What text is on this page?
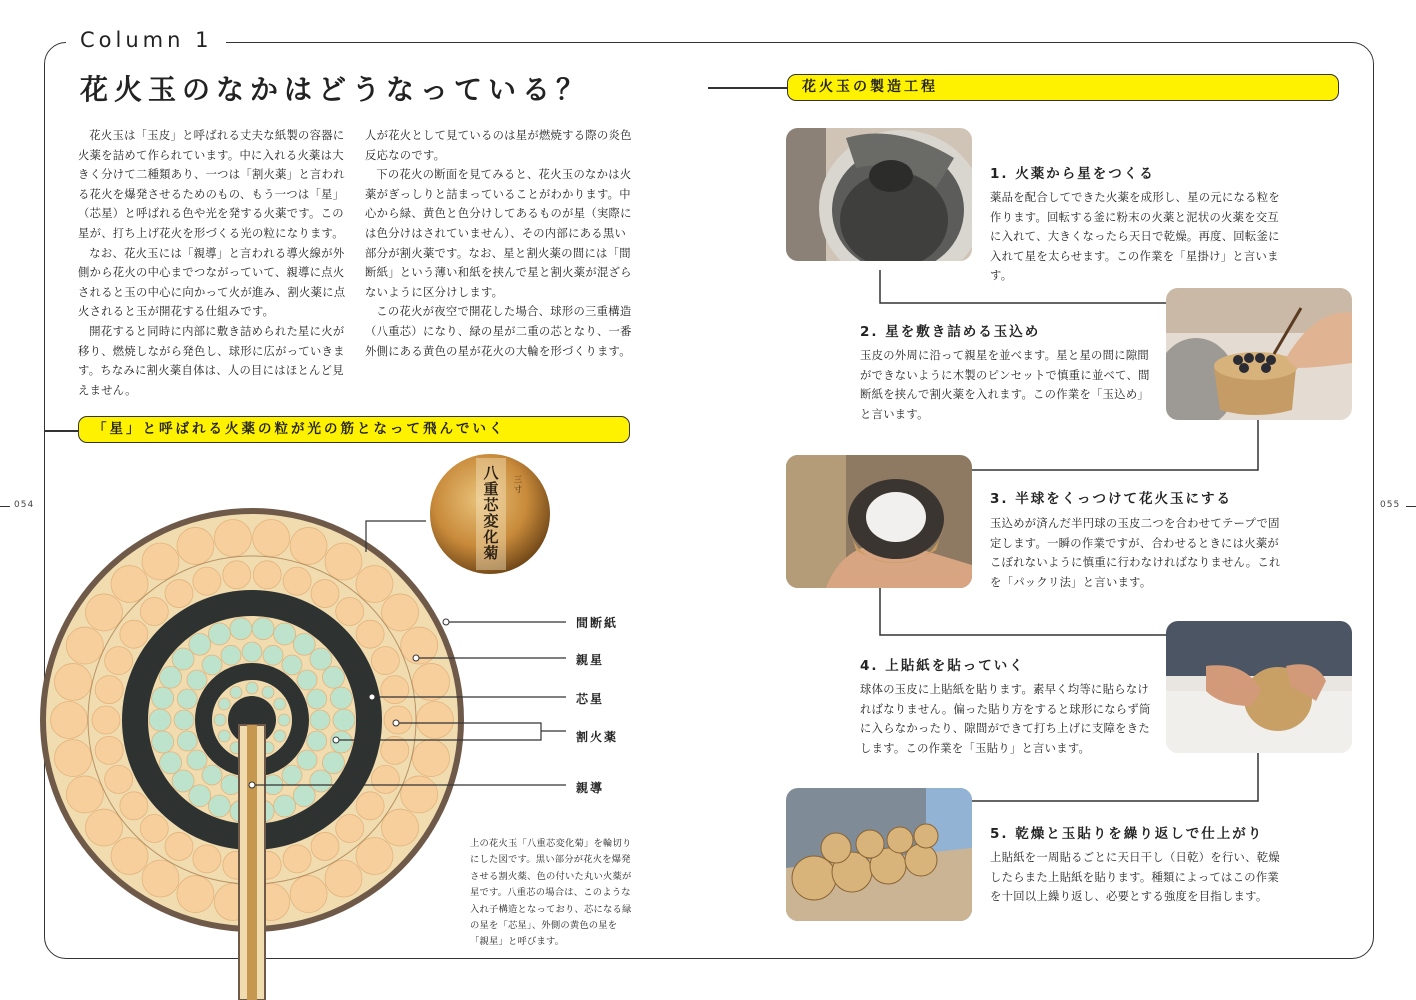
Column 1
054	055
花火玉のなかはどうなっている？

花火玉は「玉皮」と呼ばれる丈夫な紙製の容器に火薬を詰めて作られています。中に入れる火薬は大きく分けて二種類あり、一つは「割火薬」と言われる花火を爆発させるためのもの、もう一つは「星」（芯星）と呼ばれる色や光を発する火薬です。この星が、打ち上げ花火を形づくる光の粒になります。

なお、花火玉には「親導」と言われる導火線が外側から花火の中心までつながっていて、親導に点火されると玉の中心に向かって火が進み、割火薬に点火されると玉が開花する仕組みです。

開花すると同時に内部に敷き詰められた星に火が移り、燃焼しながら発色し、球形に広がっていきます。ちなみに割火薬自体は、人の目にはほとんど見えません。

人が花火として見ているのは星が燃焼する際の炎色反応なのです。

下の花火の断面を見てみると、花火玉のなかは火薬がぎっしりと詰まっていることがわかります。中心から緑、黄色と色分けしてあるものが星（実際には色分けはされていません）、その内部にある黒い部分が割火薬です。なお、星と割火薬の間には「間断紙」という薄い和紙を挟んで星と割火薬が混ざらないように区分けします。

この花火が夜空で開花した場合、球形の三重構造（八重芯）になり、緑の星が二重の芯となり、一番外側にある黄色の星が花火の大輪を形づくります。

「星」と呼ばれる火薬の粒が光の筋となって飛んでいく
八重芯変化菊
三寸
間断紙
親星
芯星
割火薬
親導
上の花火玉「八重芯変化菊」を輪切りにした図です。黒い部分が花火を爆発させる割火薬、色の付いた丸い火薬が星です。八重芯の場合は、このような入れ子構造となっており、芯になる緑の星を「芯星」、外側の黄色の星を「親星」と呼びます。
花火玉の製造工程
1. 火薬から星をつくる
薬品を配合してできた火薬を成形し、星の元になる粒を作ります。回転する釜に粉末の火薬と泥状の火薬を交互に入れて、大きくなったら天日で乾燥。再度、回転釜に入れて星を太らせます。この作業を「星掛け」と言います。
2. 星を敷き詰める玉込め
玉皮の外周に沿って親星を並べます。星と星の間に隙間ができないように木製のピンセットで慎重に並べて、間断紙を挟んで割火薬を入れます。この作業を「玉込め」と言います。
3. 半球をくっつけて花火玉にする
玉込めが済んだ半円球の玉皮二つを合わせてテープで固定します。一瞬の作業ですが、合わせるときには火薬がこぼれないように慎重に行わなければなりません。これを「パックリ法」と言います。
4. 上貼紙を貼っていく
球体の玉皮に上貼紙を貼ります。素早く均等に貼らなければなりません。偏った貼り方をすると球形にならず筒に入らなかったり、隙間ができて打ち上げに支障をきたします。この作業を「玉貼り」と言います。
5. 乾燥と玉貼りを繰り返しで仕上がり
上貼紙を一周貼るごとに天日干し（日乾）を行い、乾燥したらまた上貼紙を貼ります。種類によってはこの作業を十回以上繰り返し、必要とする強度を目指します。
